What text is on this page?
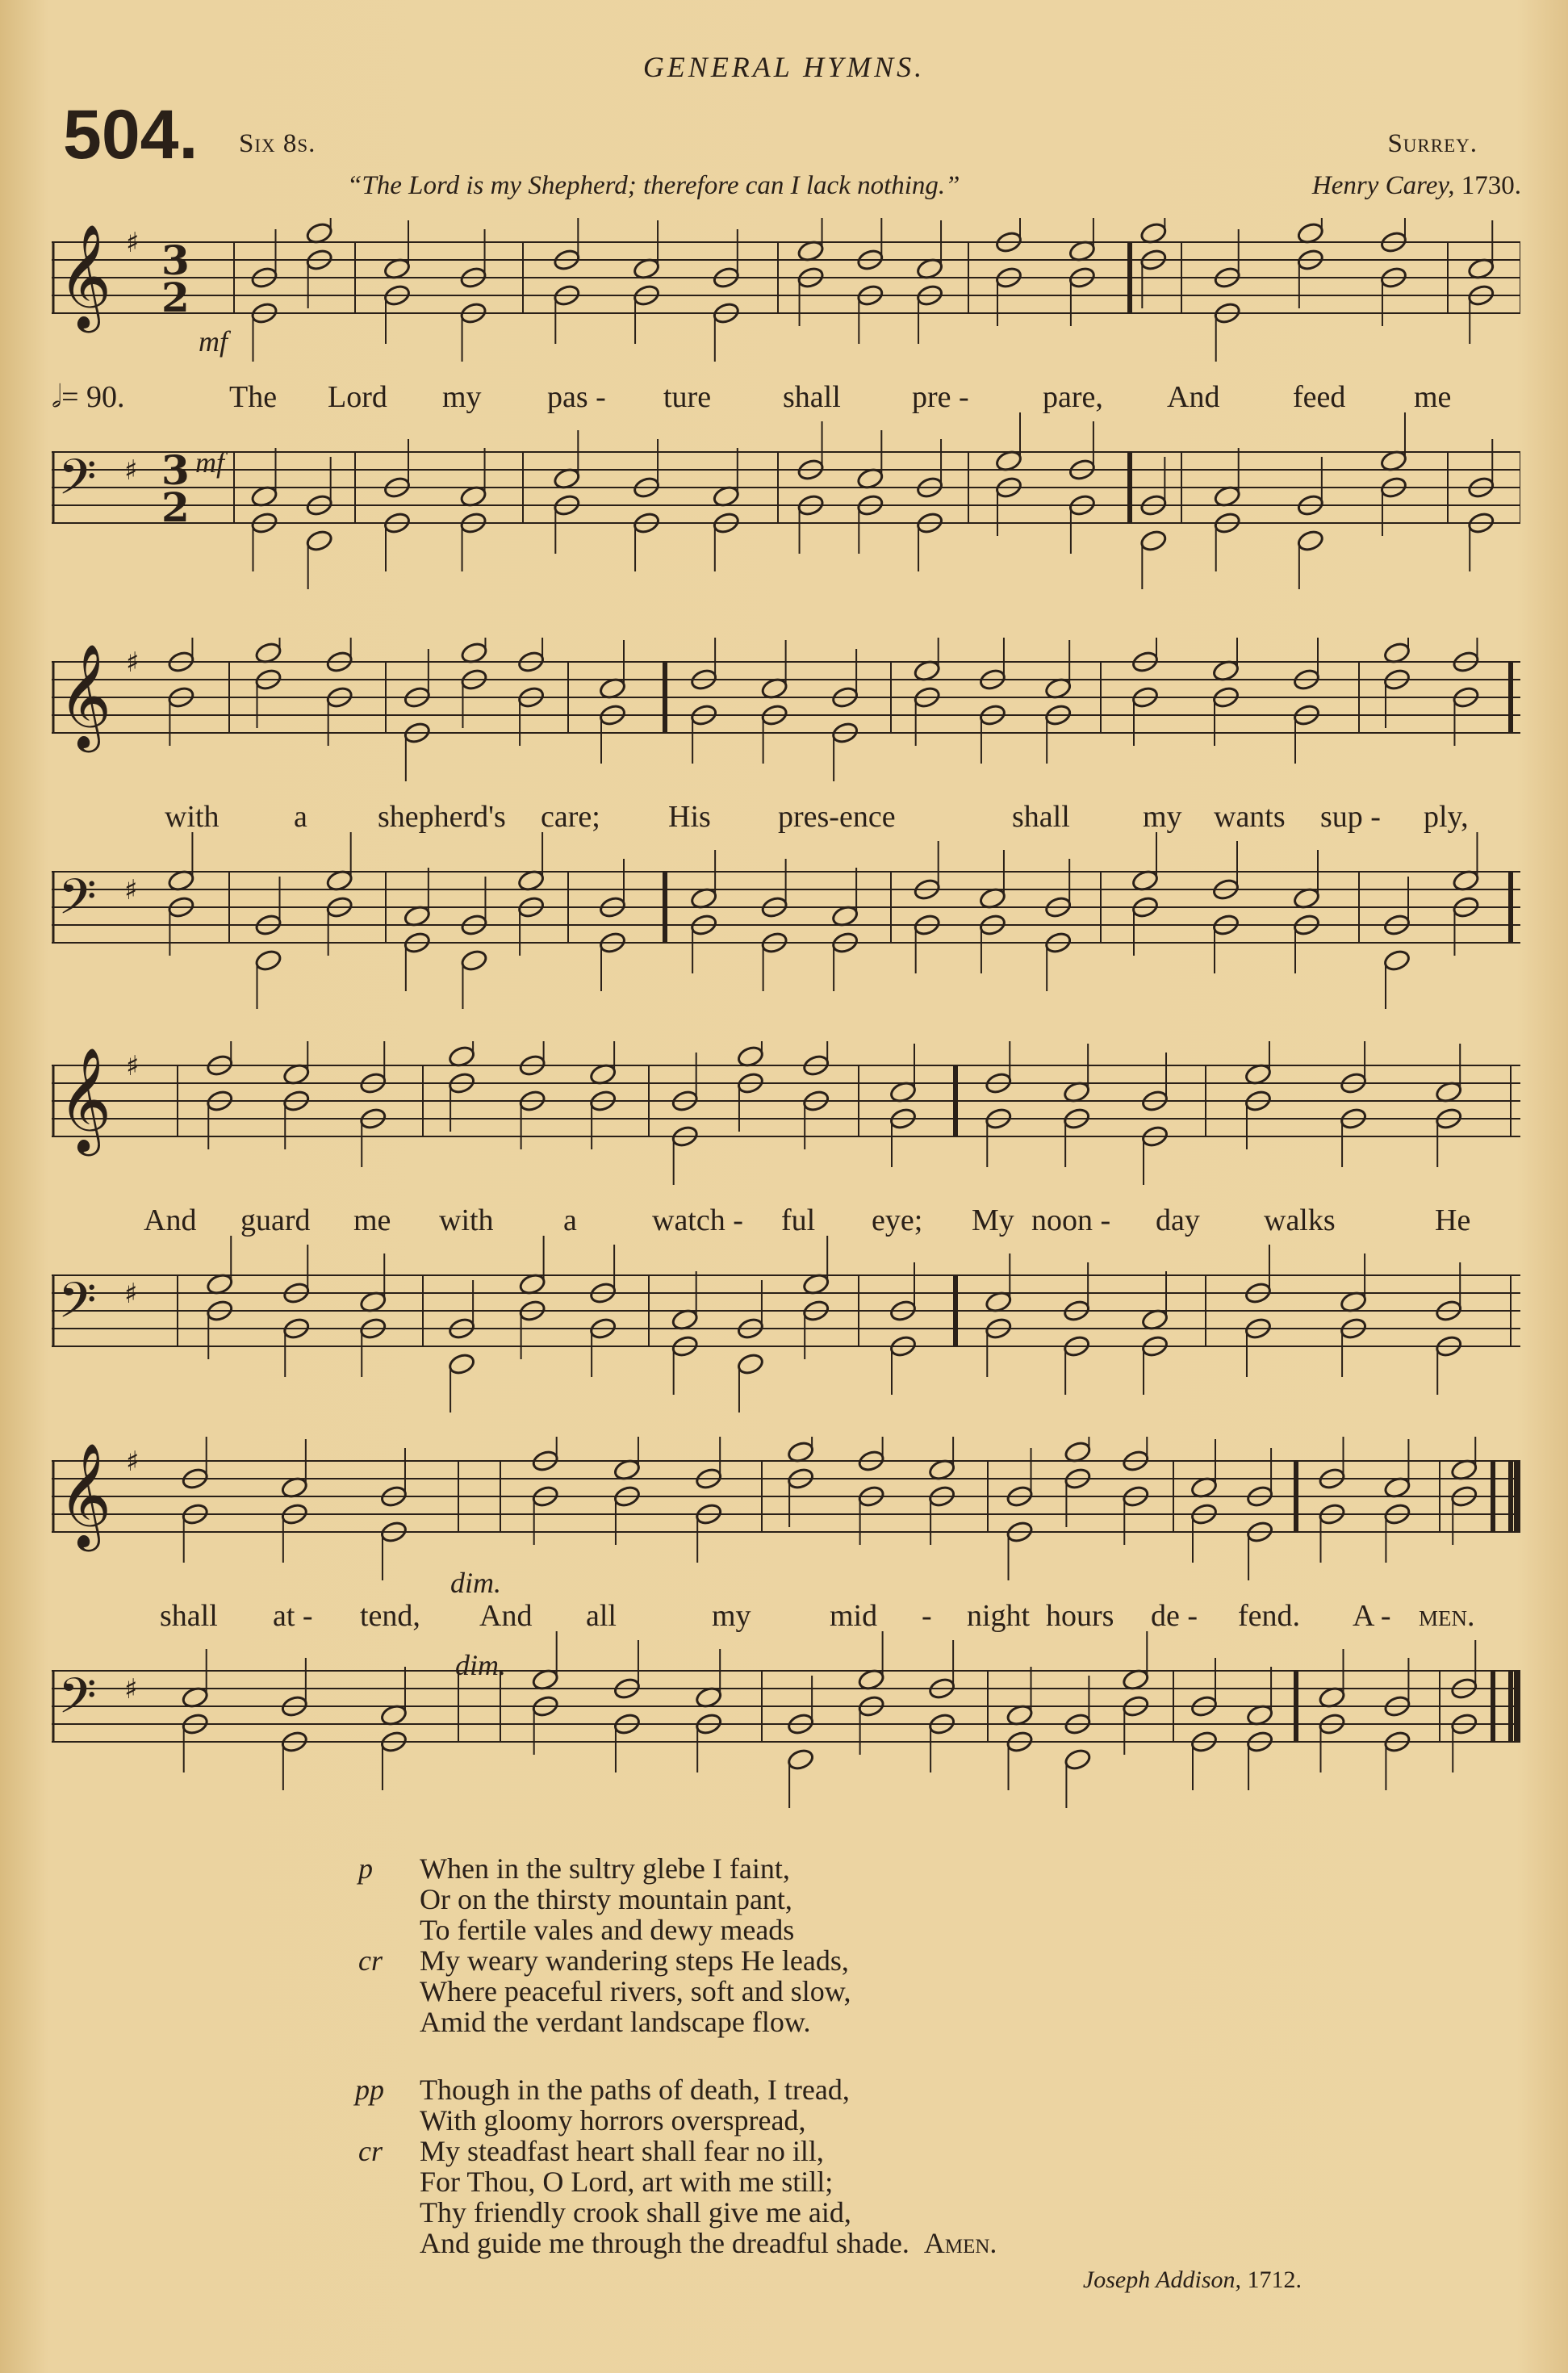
GENERAL HYMNS.
504. Six 8s.	Surrey.
“The Lord is my Shepherd; therefore can I lack nothing.”	Henry Carey, 1730.
𝄞 ♯ 3
2
𝄢 ♯ 3
2
mf
𝅗𝅥= 90.	The Lord my pas - ture shall pre - pare, And feed me
mf
𝄞 ♯
𝄢 ♯
with a shepherd's care; His pres-ence	shall my wants sup - ply,
𝄞 ♯
𝄢 ♯
And guard me with a watch - ful eye; My noon - day walks	He
𝄞 ♯
𝄢 ♯
dim.
shall at - tend, And all	my	mid - night hours de - fend. A - men.
dim.
p	When in the sultry glebe I faint,
Or on the thirsty mountain pant,
To fertile vales and dewy meads
cr	My weary wandering steps He leads,
Where peaceful rivers, soft and slow,
Amid the verdant landscape flow.
pp	Though in the paths of death, I tread,
With gloomy horrors overspread,
cr	My steadfast heart shall fear no ill,
For Thou, O Lord, art with me still;
Thy friendly crook shall give me aid,
And guide me through the dreadful shade. Amen.
Joseph Addison, 1712.
